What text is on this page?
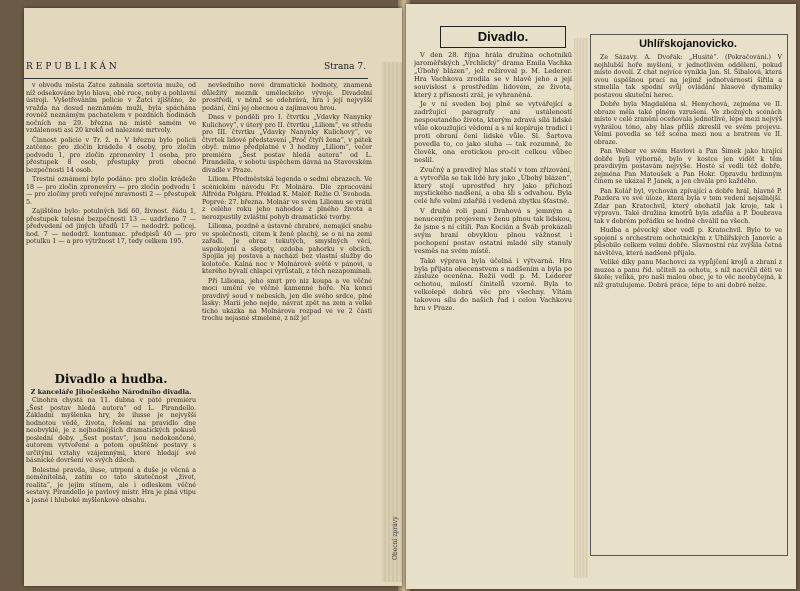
REPUBLIKÁN	Strana 7.

v obvodu města Žatce zahnala sortovia muže, od níž odsekováno bylo hlava, obě ruce, noby a pohlavní ústroji. Vyšetřováním policie v Žatci zjištěno, že vražda na dosud neznámém muži, byla spáchána rovněž neznámým pachatelem v pozdních hodinách nočních na 29. března na místě samém ve vzdálenosti asi 20 kroků od nalezené mrtvoly.

Činnost policie v Tr. ž. n. V březnu bylo policii zatčeno: pro zločin krádeže 4 osoby, pro zločin podvodu 1, pro zločin zpronevěry 1 osoba, pro přestupek 8 osob, přestupky proti obecné bezpečnosti 14 osob.

Trestní oznámení bylo podáno: pro zločin krádeže 18 — pro zločin zpronevěry — pro zločin podvodu 1 — pro zločiny proti veřejné mravnosti 2 — přestupek 5.

Zajištěno bylo: potulných lidí 60, živnost. řádu 1, přestupek telesné bezpečnosti 13 — uzdrženo 7 — předvedení od jiných úřadů 17 — nedodrž. policej. hod. 7 — nedodrž. kontumac. předpisů 40 — pro potulku 1 — a pro výtržnost 17, tedy celkem 195.

Divadlo a hudba.
Z kanceláře Jihočeského Národního divadla.

Činohra chystá na 11. dubna v páté premiéru „Šest postav hledá autora“ od L. Pirandello. Základní myšlenka hry, že ilusse je nejvyšší hodnotou vědě, života, řešení na pravidlo dne neobvyklé, je z nejhodnějších dramatických pokusů poslední doby. „Šest postav“, jsou nedokončené, autorem vytvořené a potom opuštěné postavy s určitými vztahy vzájemnými, které hledají své básnické dovršení ve svých dílech.

Bolestné pravda, iluse, utrpení a duše je věcná a neměnitelná, zatím co tato skutečnost „život, realita“, je jejím stínem, ale i odleskem věčné sestavy. Pirandello je pavlový mistr. Hra je plná vtipu a jasné i hluboké myšlenkové obsahu.

nevšedního nové dramatické hodnoty, znamená důležitý mezník uměleckého vývoje. Divadelní prostředí, v němž se odehrává, hra i její nejvyšší podání, činí jej obecnou a zajímavou hrou.

Dnes v pondělí pro I. čtvrtku „Vdavky Nanynky Kulichovy“, v úterý pro II. čtvrtku „Liliom“, ve středu pro III. čtvrtku „Vdavky Nanynky Kulichovy“, ve čtvrtek lidové představení „Proč čtyři žena“, v pátek obyč. mimo předplatné v 3 hodiny „Liliom“, večer premiéra „Šest postav hledá autora“ od L. Pirandella, v sobotu úspěchem dávná na Stavovském divadle v Praze.

Liliom. Předměstská legenda o sedmi obrazech. Ve scénickém návodu Fr. Molnára. Dle zpracování Alfréda Polgára. Překlad K. Maléř. Režie O. Svoboda. Poprvé: 27. března. Molnár ve svém Liliomu se vrátil z celého roku jeho náhodou z plného života a nerozpustily zvláštní pohyb dramatické tvorby.

Lilioma, pozdně a ústavně chrabré, nemající snahu ve společnosti, citem k ženě plachý, se o ni na zemi zařadí. Je obraz tekutých, smyslných věcí, uspokojení a slepoty, ozdoba pahorku v obcích. Spojila jej postava a nachází bez vlastní služby do kolotoče. Kalná noc v Molnárově světě v pánovi, u kterého bývalí chlapci vyrůstali, z těch nezapomínali.

Při Lilioma, jeho smrt pro niz koupa a ve věčné moci umění ve věčné kamenné hoře. Na konci pravdivý soud v nebesích, jen dle svého srdce, plné lásky: Marii jeho nejde, návrat zpět na zem a velké ticho ukázka na Molnárova rozpad ve ve 2 části trochu nejasné stmelené, z níž je!

Obecní zprávy
Divadlo.

V den 28. října hrála družina ochotníků jaroměřských „Vrchlický“ drama Emila Vachka „Úbohý blázen“, jež režíroval p. M. Lederer. Hra Vachkova zrodila se v hlavě jeho a její souvislost s prostředím lidovém, ze života, který z přísností zrál, je vyhraněná.

Je v ní sveden boj plně se vytvářející a zadržující paragrafy ani ustáleností nespoutaného života, kterým zdravá sílá lidské vůle okouzlující vědomí a s ní kopíruje tradicí i proti obraní čeni lidské vůle. Sl. Šartova povedla to, co jako sluha — tak rozumně, že člověk, ona erotickou pro-cit celkou vůbec neslil.

Zvučný a pravdivý hlas stačí v tom zřizování, a vytvořila se tak lidé hry jako „Úbohý blázen“, který stojí uprostřed hry jako příchozí mystického nadšení, a oba šli s odvahou. Byla celé hře velmi zdařilá i vedená zbytku šťastně.

V druhé roli paní Drahová s jemným a nenuceným projevem v ženu plnou tak lidskou, že jsme s ní cítili. Pan Kocián a Šváb prokázali svým hraní obvyklou plnou vážnost i pochopení postav ostatní mladé síly stanuly vesměs na svém místě.

Také výprava byla účelná i výtvarná. Hra byla přijata obecenstvem s nadšením a byla po zásluze oceněna. Režii vedl p. M. Lederer ochotou, milostí činitelů vzorně. Byla to velkolepě dobrá věc pro všechny. Vítám takovou sílu do našich řad i celou Vachkovu hru v Praze.

Uhlířskojanovicko.

Ze Sázavy. A. Dvořák: „Husité“. (Pokračování.) V nejhlubší hoře myšlení, v jednotlivém oddělení, pokud místo dovolí. Z chat nejvíce vynikla Jan. Sl. Šibalová, která svou úspěšnou prací na jejímž jednotvárnosti šířila a stmelila tak spodní svůj ovládání hlasové dynamiky postavou skuteční herec.

Dobře byla Magdaléna sl. Henychová, zejména ve II. obraze měla také plném vzrušení. Ve zbožných scénách místo v celé zranění oceňovala jednotlivé, lépe mezi nejvýš vyhrálou tóno, aby hlas příliš zkreslil ve svém projevu. Velmi povedla se též scéna mezi nou a bratrem ve II. obraze.

Pan Weber ve svém Havlovi a Pan Šimek jako hrající dobře byli výborně, bylo v kostce jen vidět k těm pravdivým postavám nejvýše. Hosté si vedli též dobře, zejména Pan Matoušek a Pan Hokr. Opravdu hrdinným činem se ukázal P. Janek, a jen chvála pro každého.

Pan Kolář byl, vychován zpívající a dobře hrál, hlavně P. Pazdera ve své úloze, která byla v tom vedení nejsilnější. Zdar pan Kratochvíl, který obohatil jak kroje, tak i výpravu. Také družina kmotrů byla zdařilá a P. Doubrava tak v dobrém pořádku se hodně chválil na všech.

Hudba a pěvecký sbor vedl p. Kratochvíl. Bylo to ve spojení s orchestrem ochotnickým z Uhlířských Janovic a působilo celkem velmi dobře. Slavnostní ráz zvýšila četná návštěva, která nadšeně přijala.

Veliké díky panu Machovci za vypůjčení krojů a zbraní z muzea a panu říd. učiteli za ochotu, s níž nacvičil děti ve škole; veliká, pro naši malou obec, je to věc neobyčejná, k níž gratulujeme. Dobrá práce, lépe to ani dobré nelze.
